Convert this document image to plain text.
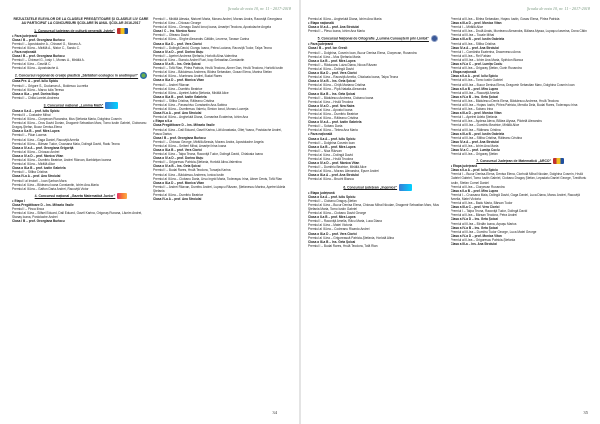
Şcoala de nota 10, nr. 11 - 2017-2018

REZULTATELE ELEVILOR DE LA CLASELE PREGĂTITOARE ŞI CLASELE I-IV CARE AU PARTICIPAT LA CONCURSURI ŞCOLARE ÎN ANUL ŞCOLAR 2016-2017

1. Concursul judeţean de cultură generală „Istete”

♦ Faza judeţeană

Clasa I B – prof. Georgiana Burlacu

Premiul I – Apostolache A., Chirasel G., Moraru A.

Premiul al III-lea – Mirăilă A., Nistor C., Sandu C.

♦ Faza naţională

Clasa I B – prof. Georgiana Burlacu

Premiul I – Chirasel G., Iosip I., Moraru A., Mirăilă A.

Premiul al II-lea – Gavrilă C.

Premiul al III-lea – Apostolache A.

2. Concursul regional de creaţie plastică „Sărbători ecologice în anotimpuri”

Clasa Pre. A – prof. Iuliu Spiciu

Premiul I – Grigore S., Duduman A., Boldescu Lucretia

Premiul al III-lea – Marcu Iulia Teresa

Clasa a III-a – prof. Dorina Iliuţu

Premiul I – Chilia Lorelei-Andreea

3. Concursul naţional „Lumina Math”

Clasa a II-a A – prof. Iuliu Spiciu

Premiul II – Costache Mihai

Premiul al III-lea – Ciorpecan Ruxandra, Mus Ştefania Maria, Dolghina Cosmin

Premiul al III-lea – Oros David Dorian, Dragomir Sebastian Marc, Tomo Iustin Gabriel, Cioboranu Dragoş-Ştefan, Bucur Denisa-Elena

Clasa a II-a B – prof. Mira Lupea

Premiul I – Păun Lucena

Premiul al II-lea – Gaga Daniel, Racoviţă Amelia

Premiul al III-lea – Bărsan Tudor, Crucsana Maia, Dolingă David, Radu Teona

Clasa a IV-a A – prof. Georgiana Grigoriţă

Premiul al III-lea – Chiosac Andrei

Clasa a IV-a D – prof. Monica Vitan

Premiul al III-lea – Dumitriu Beatrice, Andrei Răzvan, Barbăriţan Ioanna

Premiul al III-lea – Mirăilă Alice

Clasa a III-a B – prof. Iustin Gabriela

Premiul I – Stîlba Cristina

Clasa IV-a A – prof. Ana Stroiulai

Premiul I al Instorii – Ioan Şarban Mara

Premiul al II-lea – Blideanu Ioana Constantin, Ichim Ana-Maria

Premiul al III-lea – Gafton Daria Andrei, Racoviţă Victor

4. Concursul naţional „Gazeta Matematică Junior”

♦ Etapa I

Clasa Pregătitoare D – Ins. Mihaela Vasile

Premiul I – Pinca Ilinca

Premiul al II-lea – Silfsei Eduard, Dall Eduard, Gavril Karina, Grigoraş Ruxana, Lăcrim Andrei, Stanaş Ioana, Postolache Andrei

Clasa I B – prof. Georgiana Burlacu

Premiul I – Mirăilă Alessia, Nistorel Maria, Moraru Andrei, Moraru Andra, Racoviţă Georgiana

Premiul al II-lea – Chiosac George

Premiul al III-lea – Clenagu David Ionuţ Ioana, Amariţei Teodora, Apostolache Angela

Clasa I C – Ins. Monica Nucu

Premiul I – Olteanu David

Premiul al III-lea – Sîrghe Alexandru Cătălin, Leurenz, Tanase Carina

Clasa a III-a D – prof. Vera Ciorici

Premiul I – Dolingă David, Ciungu Ioana, Pelea Luciana, Racoviţă Tudor, Talpa Teona

Clasa a IV-a D – prof. Dorina Iliuţu

Premiul I – Apetrei Andreea Ştefania, Horlotă Alina-Valentina

Premiul al II-lea – Stanciu Andrei Ruxi, Icop Sebastian-Constantin

Clasa a IV-a B – Ins. Geta Şoicai

Premiul I – Tofă Rian, Pîrlea Patricia, Hrulă Teodora, Abner Dan, Hrulă Teodora, Horlotă Iustin

Premiul al II-lea – Bădulescu Andreea, Blidea Sebastian, Gosav Elena, Marina Stefan

Premiul al III-lea – Munteanu Andrei, Budai Rares

Clasa a III-a D – prof. Monica Vitan

Premiul I – Andrei Răzvan

Premiul al II-lea – Dumitriu Beatrice

Premiul al III-lea – Apetrei Adela Ştefania, Mirăilă Alice

Clasa a III-a B – prof. Iustin Gabriela

Premiul I – Stîlba Cristina, Răileanu Cristina

Premiul al II-lea – Paraschivu Constantin Ana-Sabina

Premiul al III-lea – Dumitrescu Valeriu, Simion Ionut, Moraru Lucreţia

Clasa IV-a A – prof. Ana Stroiulai

Premiul al III-lea – Anghelută Diana, Comanlea Ecaterina, Ichim Ana

♦ Etapa a II-a

Clasa Pregătitoare D – Ins. Mihaela Vasile

Premiul al II-lea – Dall Eduard, Gavril Karina, Lăti Anastasia, Olteţ Yoana, Postolache Andrei, Pasca Darius

Clasa I B – prof. Georgiana Burlacu

Premiul I – Chiosac George, Mirăilă Alessia, Moraru Andra, Apostolache Angela

Premiul al III-lea – Seiberl Mihai, Amariţei Irina Ioana

Clasa a III-a B – prof. Vera Ciorici

Premiul al II-lea – Talpa Teona, Racoviţă Tudor, Dolingă David, Chialoaia Ioana

Clasa a IV-a D – prof. Dorina Iliuţu

Premiul I – Grigorescu Patricia-Ştefania, Horlotă Alina-Valentina

Clasa a IV-a B – Ins. Geta Şoicai

Premiul I – Budai Rares, Hrulă Teodora, Turcaţia Karina

Premiul al II-lea – Bădulescu Andreea, Ionica Iustin

Premiul al III-lea – Ciobanu Daria, Ursu Ingrid Maria, Toderaşcu Irina, Abner Denis, Tofă Rian

Clasa a III-a D – prof. Monica Vitan

Premiul I – Andrei Răzvan, Dumitru Andrei, Lupaşcu Răzvan, Ştefanescu Marina, Apetrei Adela Ştefania

Premiul al III-lea – Dumitriu Beatrice

Clasa IV-a A – prof. Ana Stroiulai

34
Şcoala de nota 10, nr. 11 - 2017-2018

Premiul al III-lea – Anghelută Diana, Ichim Ana Maria

♦ Etapa naţională

Clasa a IV-a A – prof. Ana Stroiulai

Premiul I – Plesu Ioana, Ichim Ana Maria

5. Concursul Naţional de Ortografie „Lumina Cunoaşterii prin Limbă”

♦ Faza judeţeană

Clasa I B – prof. Ion Gresit

Premiul I – Dolghina, Cosmin Ioan, Bucur Denisa Elena, Ciorpecan, Ruxandra

Premiul al II-lea – Mus Ştefania Maria

Clasa a II-a B – prof. Mira Lupea

Premiul I – Răducanu Luiza Diana, Nicoa Răzvan

Premiul al III-lea – Dolingă David

Clasa a III-a D – prof. Vera Ciorici

Premiul al II-lea – Racoviţă Amelia, Chialoaia Ioana, Talpa Teona

Clasa a IV-a B – Ins. Geta Şoicai

Premiul al III-lea – Chiţă Mariana Cristina

Premiul al III-lea – Pipă Natalia-Alexandra

Clasa a III-a B – Ins. Geta Şoicai

Premiul I – Bădulescu Andreea, Ciobanu Ioana

Premiul al II-lea – Hrulă Teodora

Clasa a IV-a D – prof. Nea Naira

Premiul al II-lea – Apostol Ioana

Premiul al III-lea – Dumitriu Beatrice

Premiul al III-lea – Răileanu Cristina

Clasa a IV-a A – prof. Iustin Gabriela

Premiul I – Sobaru Daria

Premiul al III-lea – Tintea Ana Maria

♦ Faza naţională

Clasa a II-a A – prof. Iuliu Spiciu

Premiul I – Dolghina Cosmin Ioan

Clasa a II-a B – prof. Mira Lupea

Premiul I – Nica Răzvan

Premiul al II-lea – Dolingă David

Premiul al II-lea – Hrulă Teodora

Clasa a IV-a D – prof. Monica Vitan

Premiul I – Dumitriu Beatrice, Mirăilă Alice

Premiul al III-lea – Moraru Alexandra, Epure Andrei

Clasa a III-a A – prof. Ana Stroiulai

Premiul al III-lea – Brucht Bianca

6. Concursul judeţean „Ingenios”

♦ Etapa judeţeană

Clasa a II-a A – prof. Iuliu Spiciu

Premiul I – Ciobanu Dragoş-Ştefan

Premiul al II-lea – Bucur Denisa Elena, Chiosac Mihai Niculae, Dragomir Sebastian Marc, Mus Ştefania Maria, Tomo Iustin Gabriel

Premiul al III-lea – Ciobanu David George

Clasa a II-a B – prof. Mira Lupea

Premiul I – Racoviţă Amelia, Răcu Maria, Luca Diana

Premiul al II-lea – Matei Victoria

Premiul al III-lea – Codreanu Ricardo Andrei

Clasa a III-a D – prof. Vera Ciorici

Premiul al II-lea – Grigorească Patricia-Ştefania, Horlotă Alina

Clasa a III-a B – Ins. Geta Şoicai

Premiul I – Budai Rares, Hrulă Teodora, Tofă Rian

Premiul al II-lea – Bîrlea Sebastian, Hoţaru Iustin, Gosav Elena, Pîrlea Patricia

Clasa a III-a D – prof. Monica Vitan

Premiul I – Mirăilă Alice

Premiul al II-lea – Drulă Anais, Munteanu Alexandra, Bălaea Alyssa, Lupaşcu Iasmina, Dona Cătin

Premiul al III-lea – Tocale Mihai

Clasa a III-a B – prof. Iustin Gabriela

Premiul al II-lea – Stîlba Cristina

Clasa IV-a A – prof. Ana Stroiulai

Premiul I – Comănita Ecaterina, Dracenescu Anna

Premiul al II-lea – Rel Fabian

Premiul al III-lea – Ichim Ana Maria, Spiridon Bianca

Clasa a IV-a C – prof. Lumiţa Coclu

Premiul al II-lea – Grigoraş Ştefan, Gurin Ruxandra

♦ Etapa naţională

Clasa a II-a A – prof. Iuliu Spiciu

Premiul al II-lea – Tomo Iustin Gabriel

Premiul al III-lea – Bucur Denisa Elena, Dragomir Sebastian Marc, Dolghina Cosmin Ioan

Clasa a II-a B – prof. Mira Lupea

Premiul al III-lea – Racoviţă Amelia

Clasa a IV-a B – Ins. Geta Şoicai

Premiul al II-lea – Bădulescu Denis Elena, Bădulescu Andreea, Hrulă Teodora

Premiul al III-lea – Hoţaru Iustin, Pîrlea Patricia, Merolla Dela, Budai Rares, Toderaşcu Irina

Premiul al II-lea – Sobaru Irina

Clasa a III-a D – prof. Monica Vitan

Premiul I – Apetrei Adela Ştefania

Premiul al II-lea – Aydesa Alexa, Bîlăea Alyssa, Pilotelă Alexandru

Premiul al III-lea – Dumitriu Beatrice, Mirăilă Alice

Premiul al III-lea – Răileanu Cristina

Clasa a III-a B – prof. Iustin Gabriela

Premiul al III-lea – Stîlba Cristina, Răileanu Cristina

Clasa IV-a A – prof. Ana Stroiulai

Premiul al II-lea – Ichim Ana Maria

Clasa IV-a C – prof. Lumiţa Coclu

Premiul al II-lea – Grigoraş Ştefan

7. Concursul Judeţean de Matematică „ARCO”

♦ Etapa judeţeană

Clasa a II-a A – prof. Iuliu Spiciu

Premiul I – Bucur Denisa-Elena, Denisa Elena, Ciorhoiă Mihai Nicolae, Dolghina Cosmin, Hrulă Gabriel Gabriel, Tomo Iustin Gabriel, Ciobanu Dragoş Ştefan, Lepadatu Daniel George, Tzediforiu Iustin, Stefan Cornel Daniel

Premiul al II-lea – Ciorpecan Ruxandra

Clasa a II-a B – prof. Mira Lupea

Premiul I – Crucsana Maia, Dolingă David, Gaga Daniel, Luca Diana, Marcu Andrei, Racoviţă Amelia, Matei Victoria

Premiul al II-lea – Badu Maria, Bărsan Tudor

Clasa a III-a C – prof. Vera Ciorici

Premiul I – Talpa Teona, Racoviţă Tudor, Dolingă David

Premiul al II-lea – Bărsan Teodora, Petra Andrei

Clasa a IV-a D – Ins. Geta Şoicai

Premiul al III-lea – Bîrdăn Ioana, Arpaşu Marius

Clasa a IV-a B – Ins. Geta Şoicai

Premiul al III-lea – Dumitru Tudor George, Luca Matei George

Clasa a IV-a D – prof. Monica Vitan

Premiul al II-lea – Grigorescu Patricia-Ştefania

Clasa a III-a – Ins. Ana Stroiulai

35
